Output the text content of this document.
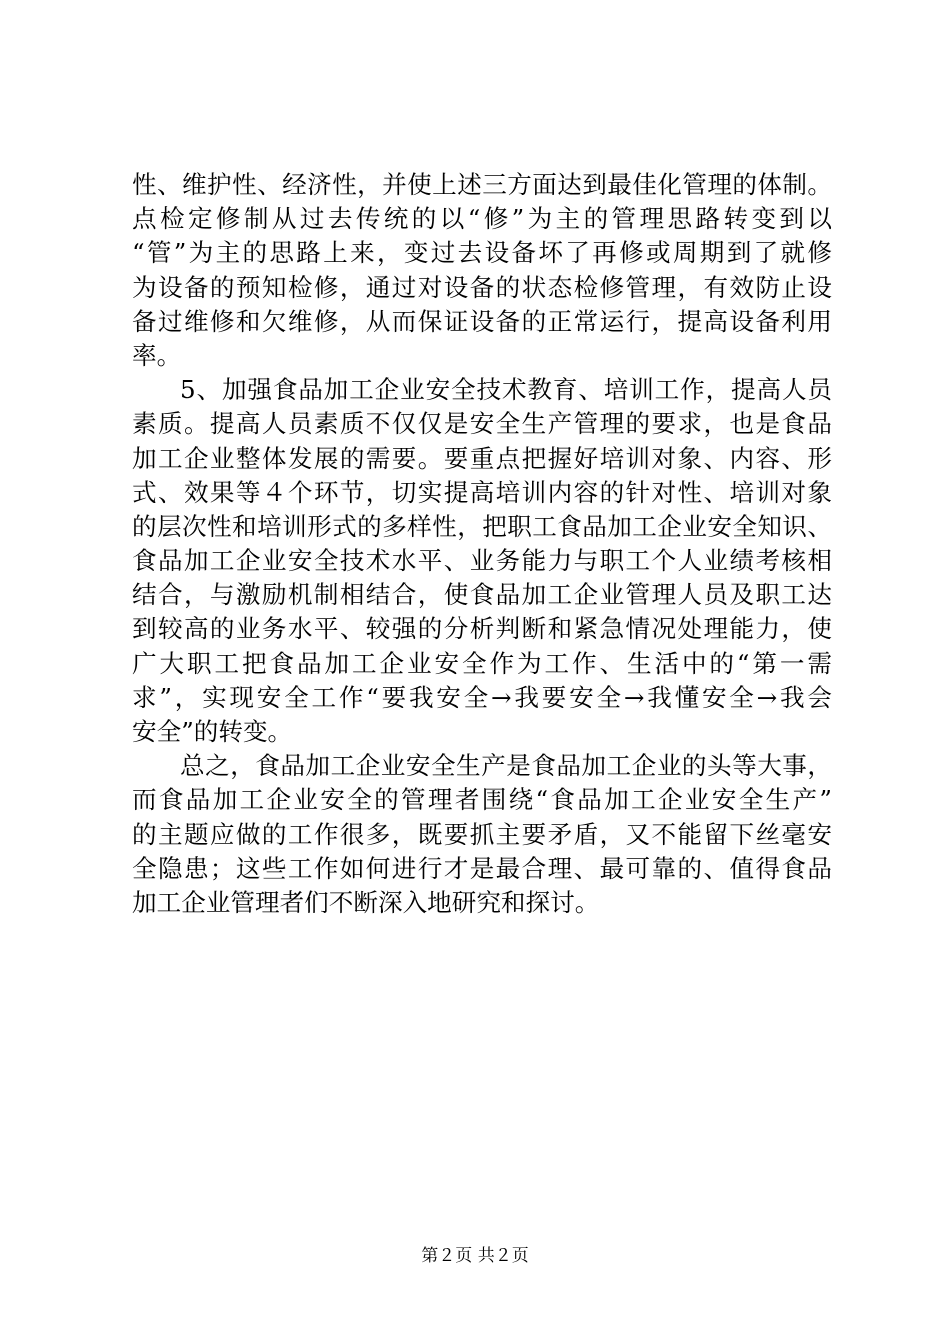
性、维护性、经济性，并使上述三方面达到最佳化管理的体制。
点检定修制从过去传统的以“修”为主的管理思路转变到以
“管”为主的思路上来，变过去设备坏了再修或周期到了就修
为设备的预知检修，通过对设备的状态检修管理，有效防止设
备过维修和欠维修，从而保证设备的正常运行，提高设备利用
率。
5、加强食品加工企业安全技术教育、培训工作，提高人员
素质。提高人员素质不仅仅是安全生产管理的要求，也是食品
加工企业整体发展的需要。要重点把握好培训对象、内容、形
式、效果等４个环节，切实提高培训内容的针对性、培训对象
的层次性和培训形式的多样性，把职工食品加工企业安全知识、
食品加工企业安全技术水平、业务能力与职工个人业绩考核相
结合，与激励机制相结合，使食品加工企业管理人员及职工达
到较高的业务水平、较强的分析判断和紧急情况处理能力，使
广大职工把食品加工企业安全作为工作、生活中的“第一需
求”，实现安全工作“要我安全→我要安全→我懂安全→我会
安全”的转变。
总之，食品加工企业安全生产是食品加工企业的头等大事，
而食品加工企业安全的管理者围绕“食品加工企业安全生产”
的主题应做的工作很多，既要抓主要矛盾，又不能留下丝毫安
全隐患；这些工作如何进行才是最合理、最可靠的、值得食品
加工企业管理者们不断深入地研究和探讨。
第２页 共２页
